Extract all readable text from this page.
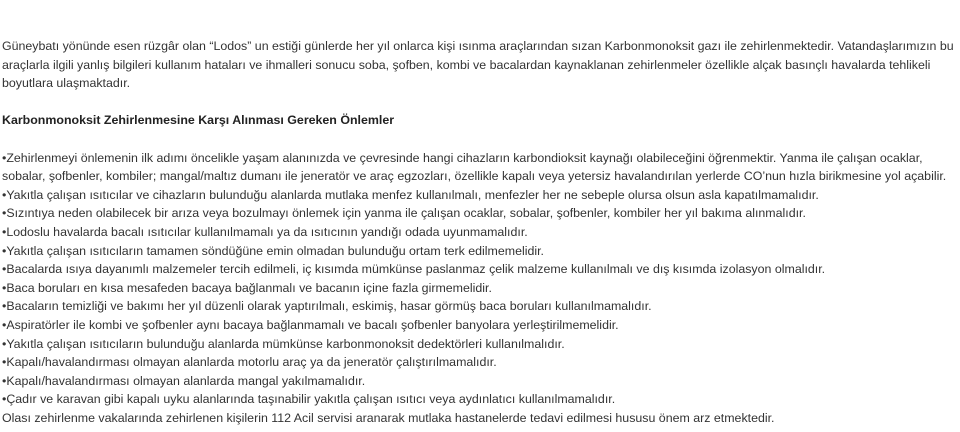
Güneybatı yönünde esen rüzgâr olan “Lodos” un estiği günlerde her yıl onlarca kişi ısınma araçlarından sızan Karbonmonoksit gazı ile zehirlenmektedir. Vatandaşlarımızın bu araçlarla ilgili yanlış bilgileri kullanım hataları ve ihmalleri sonucu soba, şofben, kombi ve bacalardan kaynaklanan zehirlenmeler özellikle alçak basınçlı havalarda tehlikeli boyutlara ulaşmaktadır.

Karbonmonoksit Zehirlenmesine Karşı Alınması Gereken Önlemler

•Zehirlenmeyi önlemenin ilk adımı öncelikle yaşam alanınızda ve çevresinde hangi cihazların karbondioksit kaynağı olabileceğini öğrenmektir. Yanma ile çalışan ocaklar, sobalar, şofbenler, kombiler; mangal/maltız dumanı ile jeneratör ve araç egzozları, özellikle kapalı veya yetersiz havalandırılan yerlerde CO’nun hızla birikmesine yol açabilir.
•Yakıtla çalışan ısıtıcılar ve cihazların bulunduğu alanlarda mutlaka menfez kullanılmalı, menfezler her ne sebeple olursa olsun asla kapatılmamalıdır.
•Sızıntıya neden olabilecek bir arıza veya bozulmayı önlemek için yanma ile çalışan ocaklar, sobalar, şofbenler, kombiler her yıl bakıma alınmalıdır.
•Lodoslu havalarda bacalı ısıtıcılar kullanılmamalı ya da ısıtıcının yandığı odada uyunmamalıdır.
•Yakıtla çalışan ısıtıcıların tamamen söndüğüne emin olmadan bulunduğu ortam terk edilmemelidir.
•Bacalarda ısıya dayanımlı malzemeler tercih edilmeli, iç kısımda mümkünse paslanmaz çelik malzeme kullanılmalı ve dış kısımda izolasyon olmalıdır.
•Baca boruları en kısa mesafeden bacaya bağlanmalı ve bacanın içine fazla girmemelidir.
•Bacaların temizliği ve bakımı her yıl düzenli olarak yaptırılmalı, eskimiş, hasar görmüş baca boruları kullanılmamalıdır.
•Aspiratörler ile kombi ve şofbenler aynı bacaya bağlanmamalı ve bacalı şofbenler banyolara yerleştirilmemelidir.
•Yakıtla çalışan ısıtıcıların bulunduğu alanlarda mümkünse karbonmonoksit dedektörleri kullanılmalıdır.
•Kapalı/havalandırması olmayan alanlarda motorlu araç ya da jeneratör çalıştırılmamalıdır.
•Kapalı/havalandırması olmayan alanlarda mangal yakılmamalıdır.
•Çadır ve karavan gibi kapalı uyku alanlarında taşınabilir yakıtla çalışan ısıtıcı veya aydınlatıcı kullanılmamalıdır.

Olası zehirlenme vakalarında zehirlenen kişilerin 112 Acil servisi aranarak mutlaka hastanelerde tedavi edilmesi hususu önem arz etmektedir.
